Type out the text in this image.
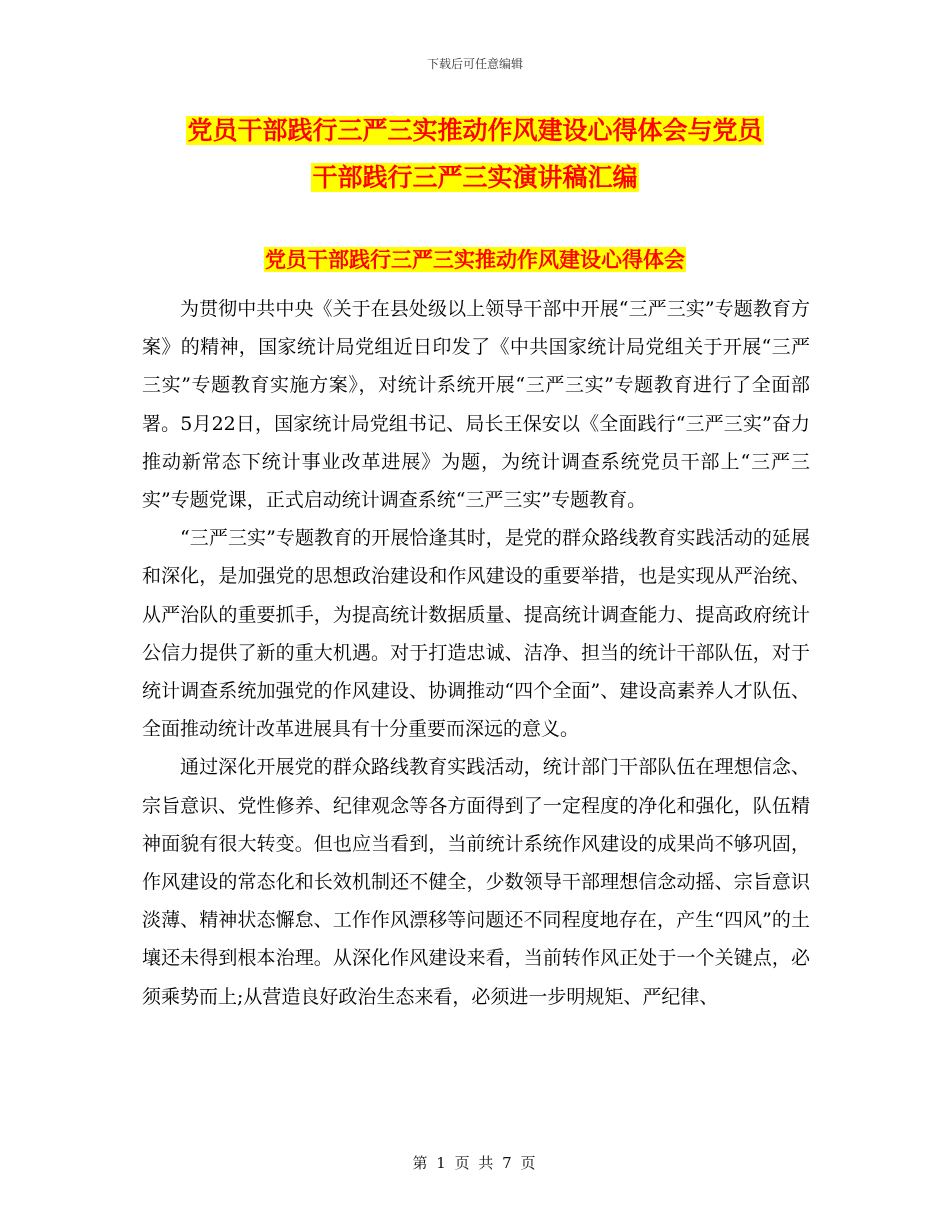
下载后可任意编辑
党员干部践行三严三实推动作风建设心得体会与党员
干部践行三严三实演讲稿汇编
党员干部践行三严三实推动作风建设心得体会

为贯彻中共中央《关于在县处级以上领导干部中开展“三严三实”专题教育方案》的精神，国家统计局党组近日印发了《中共国家统计局党组关于开展“三严三实”专题教育实施方案》，对统计系统开展“三严三实”专题教育进行了全面部署。5月22日，国家统计局党组书记、局长王保安以《全面践行“三严三实”奋力推动新常态下统计事业改革进展》为题，为统计调查系统党员干部上“三严三实”专题党课，正式启动统计调查系统“三严三实”专题教育。

“三严三实”专题教育的开展恰逢其时，是党的群众路线教育实践活动的延展和深化，是加强党的思想政治建设和作风建设的重要举措，也是实现从严治统、从严治队的重要抓手，为提高统计数据质量、提高统计调查能力、提高政府统计公信力提供了新的重大机遇。对于打造忠诚、洁净、担当的统计干部队伍，对于统计调查系统加强党的作风建设、协调推动“四个全面”、建设高素养人才队伍、全面推动统计改革进展具有十分重要而深远的意义。

通过深化开展党的群众路线教育实践活动，统计部门干部队伍在理想信念、宗旨意识、党性修养、纪律观念等各方面得到了一定程度的净化和强化，队伍精神面貌有很大转变。但也应当看到，当前统计系统作风建设的成果尚不够巩固，作风建设的常态化和长效机制还不健全，少数领导干部理想信念动摇、宗旨意识淡薄、精神状态懈怠、工作作风漂移等问题还不同程度地存在，产生“四风”的土壤还未得到根本治理。从深化作风建设来看，当前转作风正处于一个关键点，必须乘势而上;从营造良好政治生态来看，必须进一步明规矩、严纪律、

第 1 页 共 7 页
